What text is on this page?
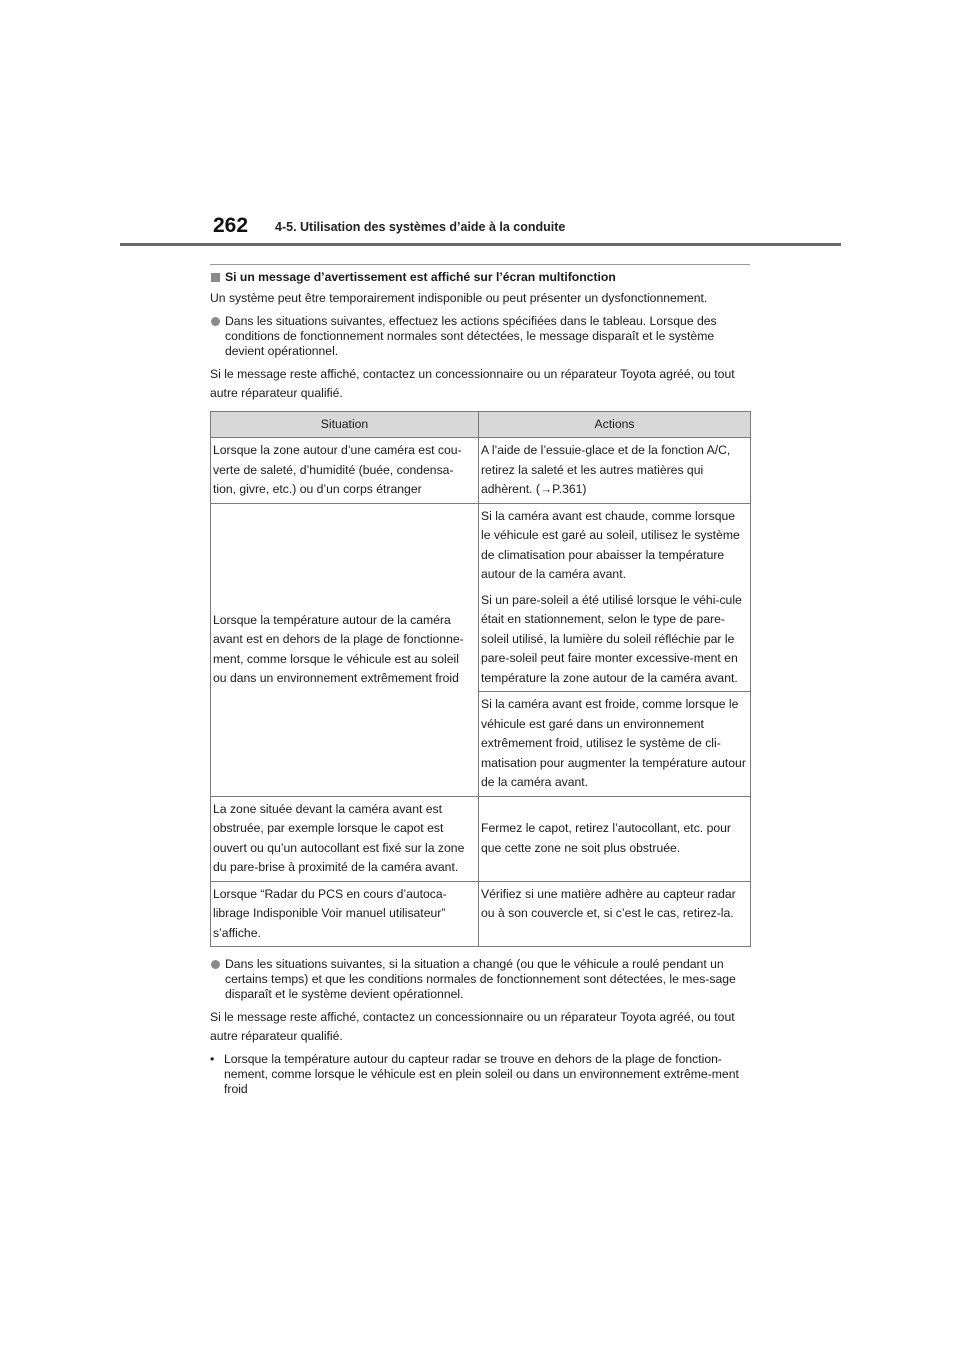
262 4-5. Utilisation des systèmes d’aide à la conduite
Si un message d’avertissement est affiché sur l’écran multifonction

Un système peut être temporairement indisponible ou peut présenter un dysfonctionnement.

Dans les situations suivantes, effectuez les actions spécifiées dans le tableau. Lorsque des conditions de fonctionnement normales sont détectées, le message disparaît et le système devient opérationnel.

Si le message reste affiché, contactez un concessionnaire ou un réparateur Toyota agréé, ou tout autre réparateur qualifié.

Situation	Actions
Lorsque la zone autour d’une caméra est cou-verte de saleté, d’humidité (buée, condensa-tion, givre, etc.) ou d’un corps étranger	A l’aide de l’essuie-glace et de la fonction A/C, retirez la saleté et les autres matières qui adhèrent. (→P.361)
Lorsque la température autour de la caméra avant est en dehors de la plage de fonctionne-ment, comme lorsque le véhicule est au soleil ou dans un environnement extrêmement froid	Si la caméra avant est chaude, comme lorsque le véhicule est garé au soleil, utilisez le système de climatisation pour abaisser la température autour de la caméra avant.

Si un pare-soleil a été utilisé lorsque le véhi-cule était en stationnement, selon le type de pare-soleil utilisé, la lumière du soleil réfléchie par le pare-soleil peut faire monter excessive-ment en température la zone autour de la caméra avant.

	Si la caméra avant est froide, comme lorsque le véhicule est garé dans un environnement extrêmement froid, utilisez le système de cli-matisation pour augmenter la température autour de la caméra avant.
La zone située devant la caméra avant est obstruée, par exemple lorsque le capot est ouvert ou qu’un autocollant est fixé sur la zone du pare-brise à proximité de la caméra avant.	Fermez le capot, retirez l’autocollant, etc. pour que cette zone ne soit plus obstruée.
Lorsque “Radar du PCS en cours d’autoca-librage Indisponible Voir manuel utilisateur” s’affiche.	Vérifiez si une matière adhère au capteur radar ou à son couvercle et, si c’est le cas, retirez-la.
Dans les situations suivantes, si la situation a changé (ou que le véhicule a roulé pendant un certains temps) et que les conditions normales de fonctionnement sont détectées, le mes-sage disparaît et le système devient opérationnel.

Si le message reste affiché, contactez un concessionnaire ou un réparateur Toyota agréé, ou tout autre réparateur qualifié.

• Lorsque la température autour du capteur radar se trouve en dehors de la plage de fonction-nement, comme lorsque le véhicule est en plein soleil ou dans un environnement extrême-ment froid
